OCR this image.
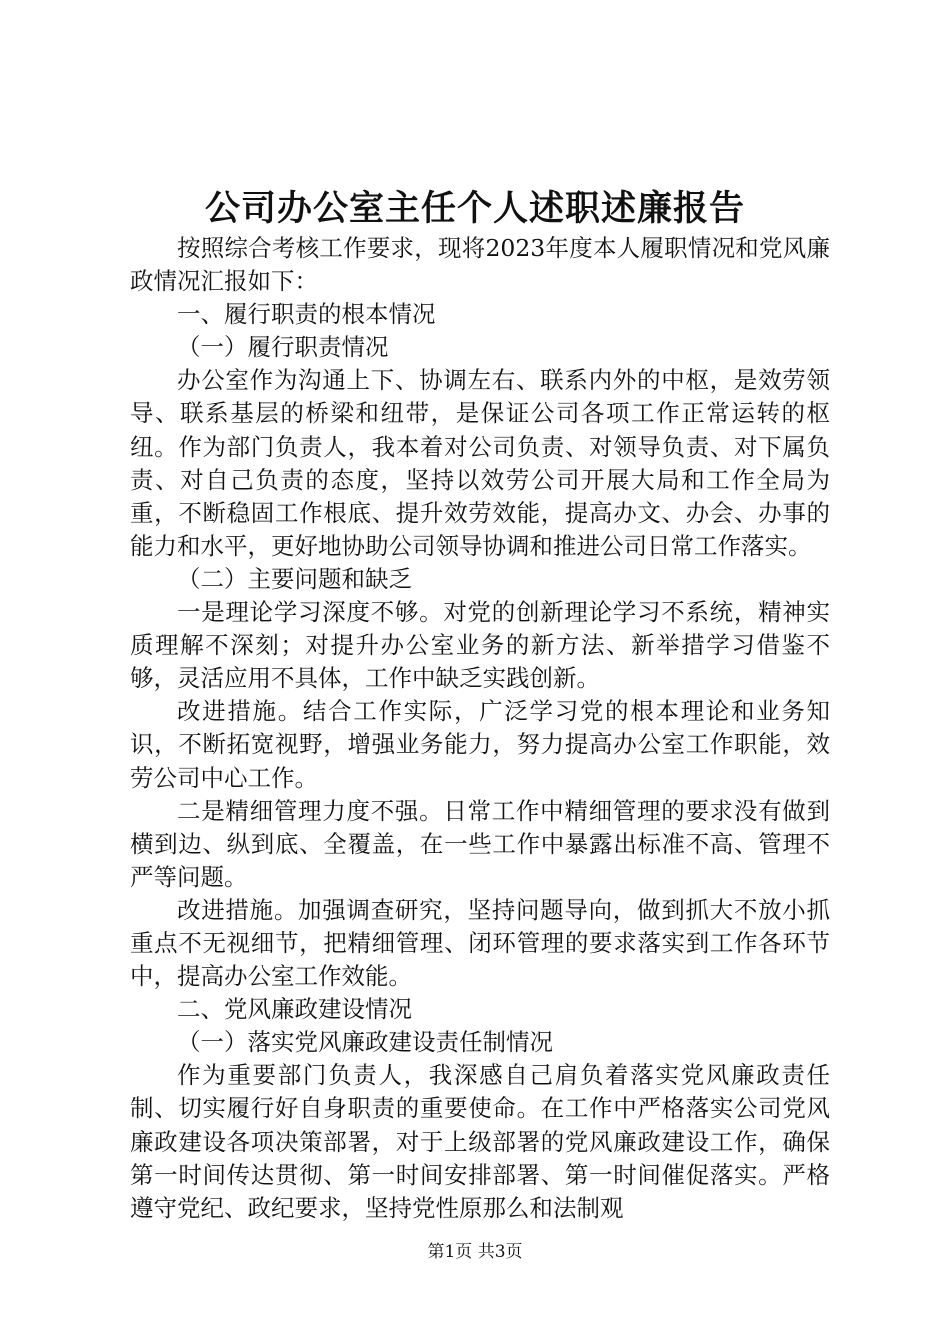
公司办公室主任个人述职述廉报告

按照综合考核工作要求，现将2023年度本人履职情况和党风廉政情况汇报如下：

一、履行职责的根本情况

（一）履行职责情况

办公室作为沟通上下、协调左右、联系内外的中枢，是效劳领导、联系基层的桥梁和纽带，是保证公司各项工作正常运转的枢纽。作为部门负责人，我本着对公司负责、对领导负责、对下属负责、对自己负责的态度，坚持以效劳公司开展大局和工作全局为重，不断稳固工作根底、提升效劳效能，提高办文、办会、办事的能力和水平，更好地协助公司领导协调和推进公司日常工作落实。

（二）主要问题和缺乏

一是理论学习深度不够。对党的创新理论学习不系统，精神实质理解不深刻；对提升办公室业务的新方法、新举措学习借鉴不够，灵活应用不具体，工作中缺乏实践创新。

改进措施。结合工作实际，广泛学习党的根本理论和业务知识，不断拓宽视野，增强业务能力，努力提高办公室工作职能，效劳公司中心工作。

二是精细管理力度不强。日常工作中精细管理的要求没有做到横到边、纵到底、全覆盖，在一些工作中暴露出标准不高、管理不严等问题。

改进措施。加强调查研究，坚持问题导向，做到抓大不放小抓重点不无视细节，把精细管理、闭环管理的要求落实到工作各环节中，提高办公室工作效能。

二、党风廉政建设情况

（一）落实党风廉政建设责任制情况

作为重要部门负责人，我深感自己肩负着落实党风廉政责任制、切实履行好自身职责的重要使命。在工作中严格落实公司党风廉政建设各项决策部署，对于上级部署的党风廉政建设工作，确保第一时间传达贯彻、第一时间安排部署、第一时间催促落实。严格遵守党纪、政纪要求，坚持党性原那么和法制观

第1页 共3页
